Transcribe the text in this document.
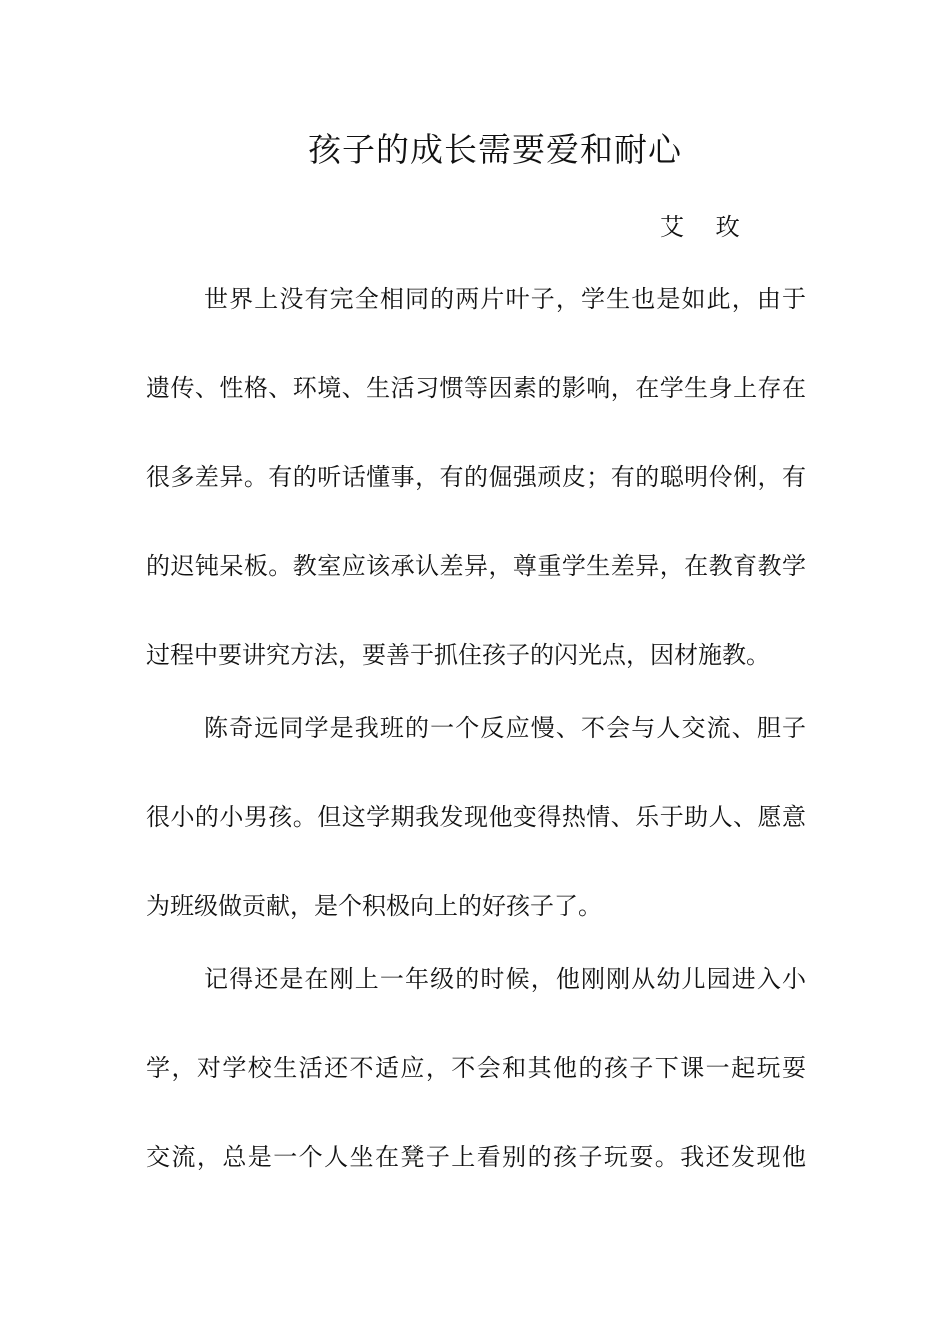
孩子的成长需要爱和耐心

艾 玫

世界上没有完全相同的两片叶子，学生也是如此，由于

遗传、性格、环境、生活习惯等因素的影响，在学生身上存在

很多差异。有的听话懂事，有的倔强顽皮；有的聪明伶俐，有

的迟钝呆板。教室应该承认差异，尊重学生差异，在教育教学

过程中要讲究方法，要善于抓住孩子的闪光点，因材施教。

陈奇远同学是我班的一个反应慢、不会与人交流、胆子

很小的小男孩。但这学期我发现他变得热情、乐于助人、愿意

为班级做贡献，是个积极向上的好孩子了。

记得还是在刚上一年级的时候，他刚刚从幼儿园进入小

学，对学校生活还不适应，不会和其他的孩子下课一起玩耍

交流，总是一个人坐在凳子上看别的孩子玩耍。我还发现他
